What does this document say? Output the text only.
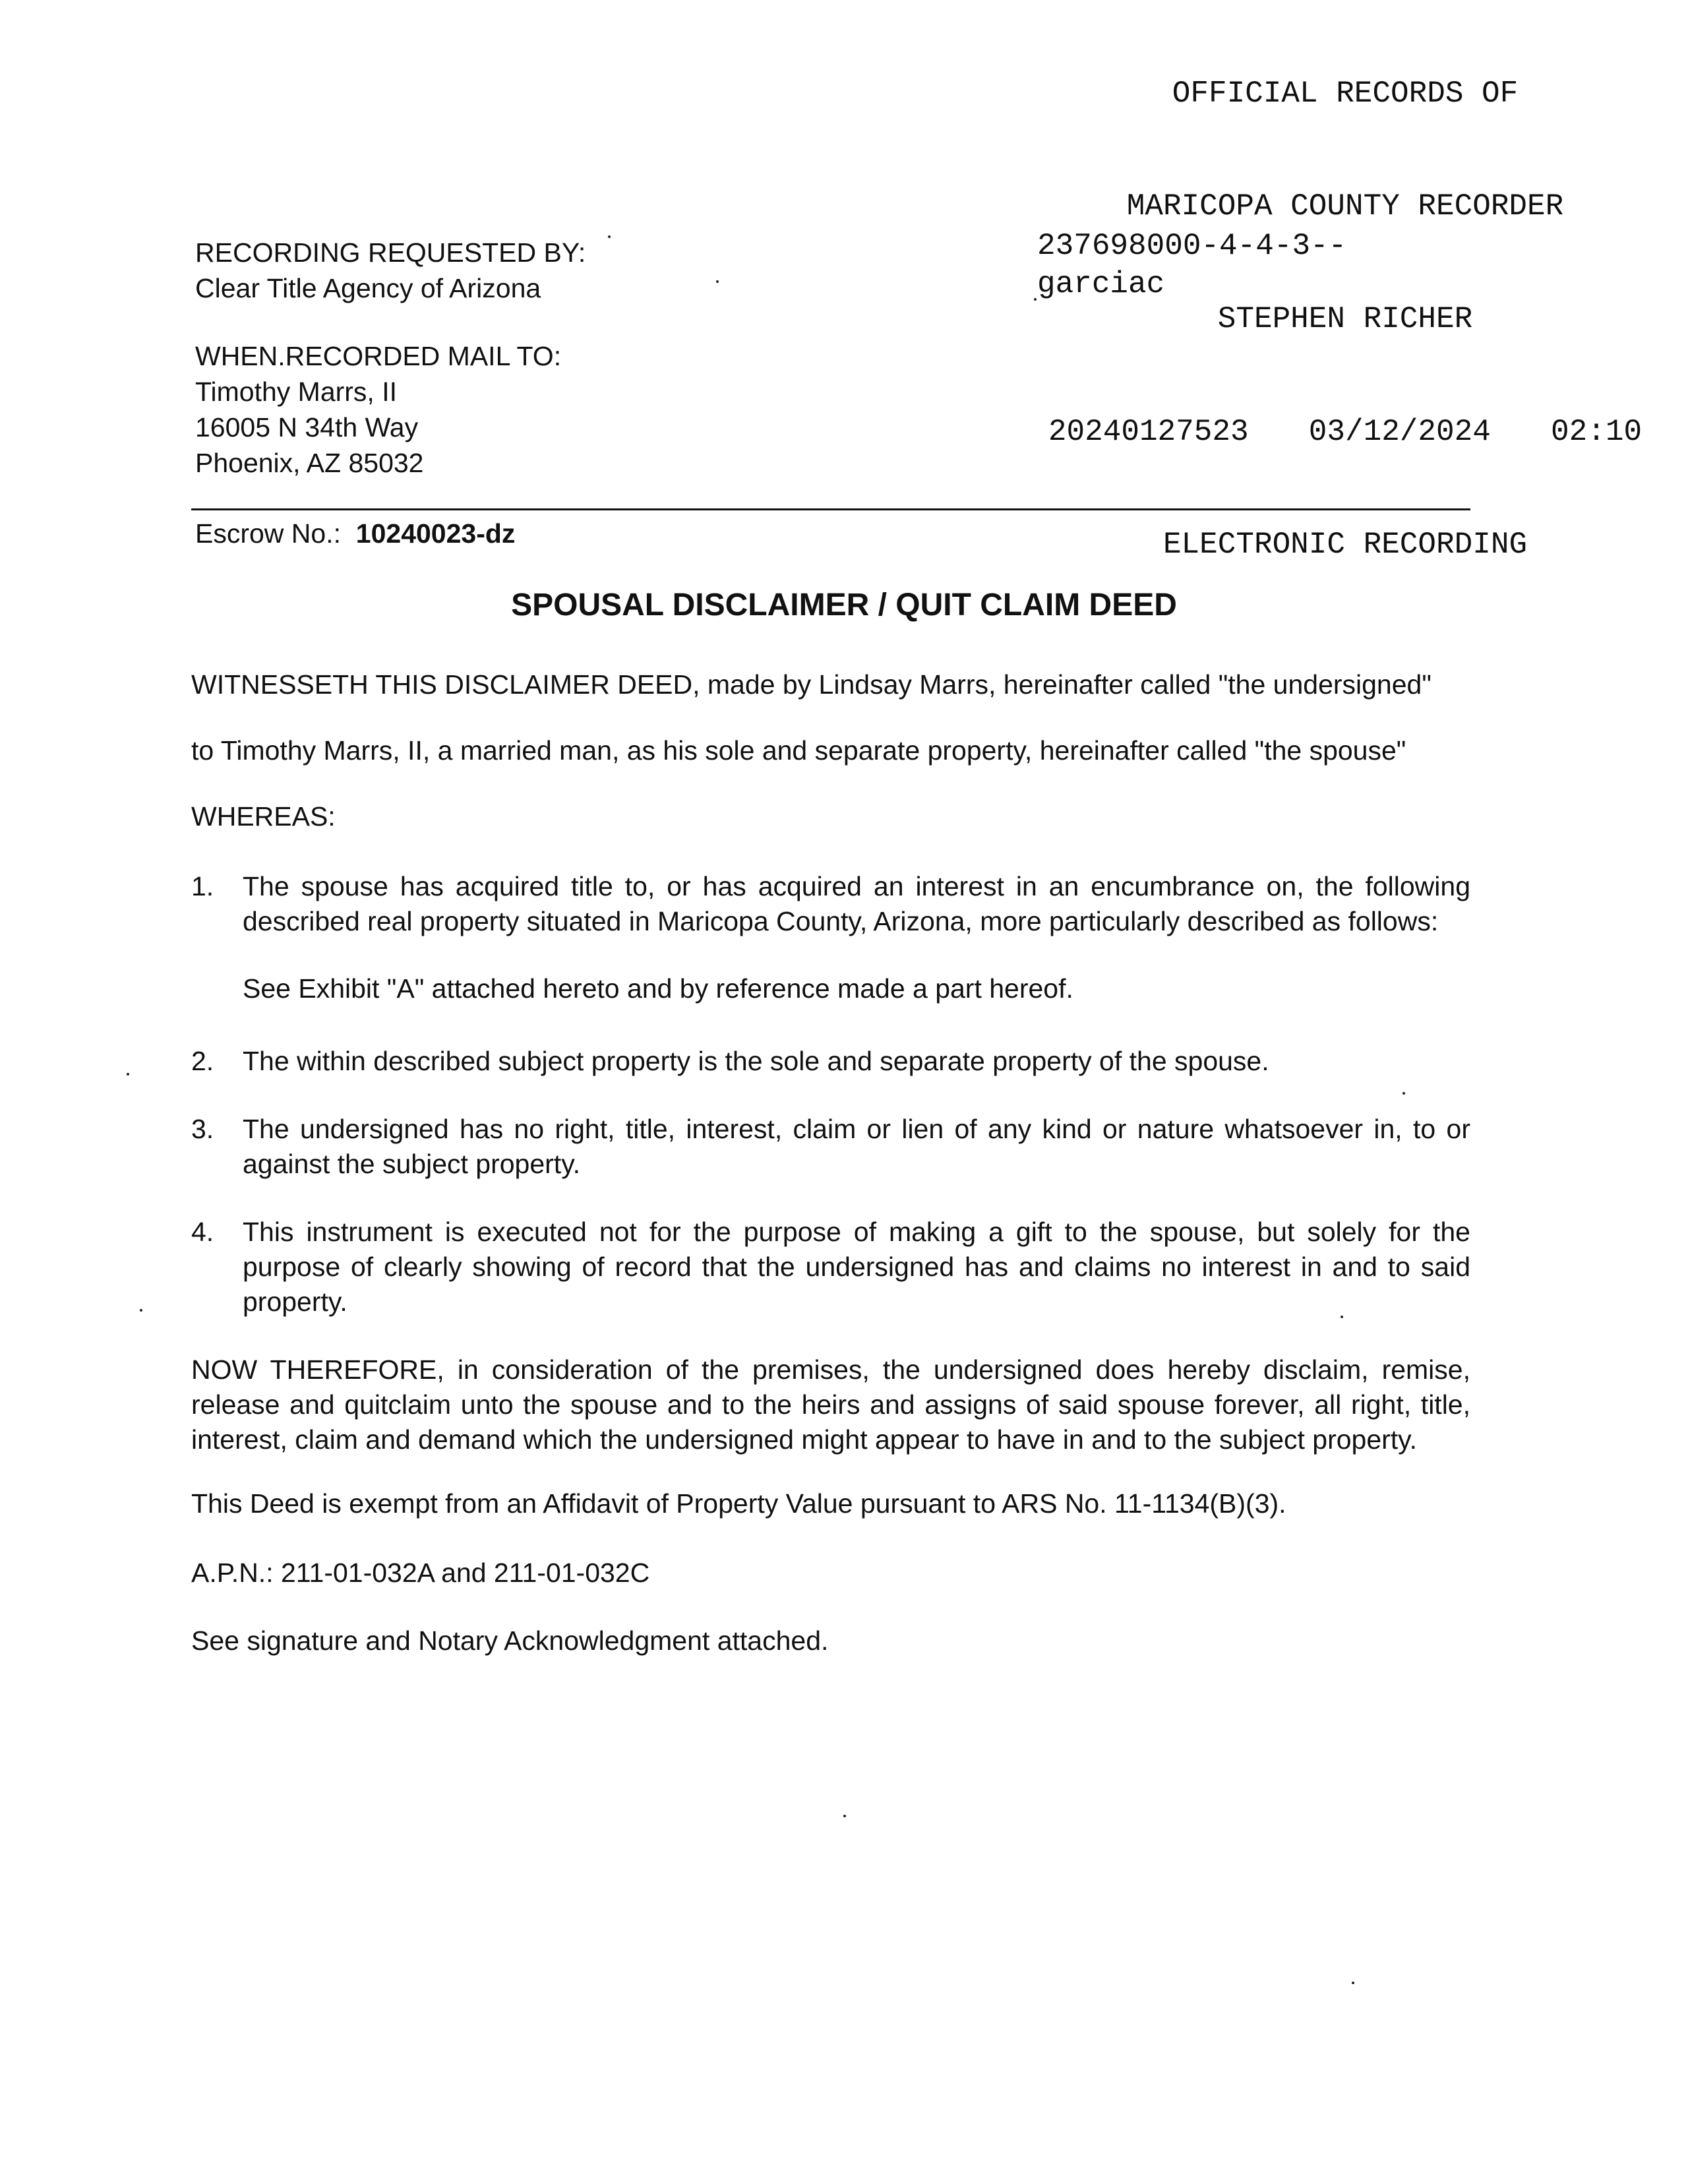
OFFICIAL RECORDS OF

MARICOPA COUNTY RECORDER

STEPHEN RICHER

20240127523  03/12/2024  02:10

ELECTRONIC RECORDING

RECORDING REQUESTED BY:
Clear Title Agency of Arizona
237698000-4-4-3--
garciac
WHEN.RECORDED MAIL TO:
Timothy Marrs, II
16005 N 34th Way
Phoenix, AZ 85032
Escrow No.: 10240023-dz
SPOUSAL DISCLAIMER / QUIT CLAIM DEED
WITNESSETH THIS DISCLAIMER DEED, made by Lindsay Marrs, hereinafter called "the undersigned"
to Timothy Marrs, II, a married man, as his sole and separate property, hereinafter called "the spouse"
WHEREAS:
1.	The spouse has acquired title to, or has acquired an interest in an encumbrance on, the following described real property situated in Maricopa County, Arizona, more particularly described as follows:
See Exhibit "A" attached hereto and by reference made a part hereof.
2.	The within described subject property is the sole and separate property of the spouse.
3.	The undersigned has no right, title, interest, claim or lien of any kind or nature whatsoever in, to or against the subject property.
4.	This instrument is executed not for the purpose of making a gift to the spouse, but solely for the purpose of clearly showing of record that the undersigned has and claims no interest in and to said property.
NOW THEREFORE, in consideration of the premises, the undersigned does hereby disclaim, remise, release and quitclaim unto the spouse and to the heirs and assigns of said spouse forever, all right, title, interest, claim and demand which the undersigned might appear to have in and to the subject property.
This Deed is exempt from an Affidavit of Property Value pursuant to ARS No. 11-1134(B)(3).
A.P.N.: 211-01-032A and 211-01-032C
See signature and Notary Acknowledgment attached.
